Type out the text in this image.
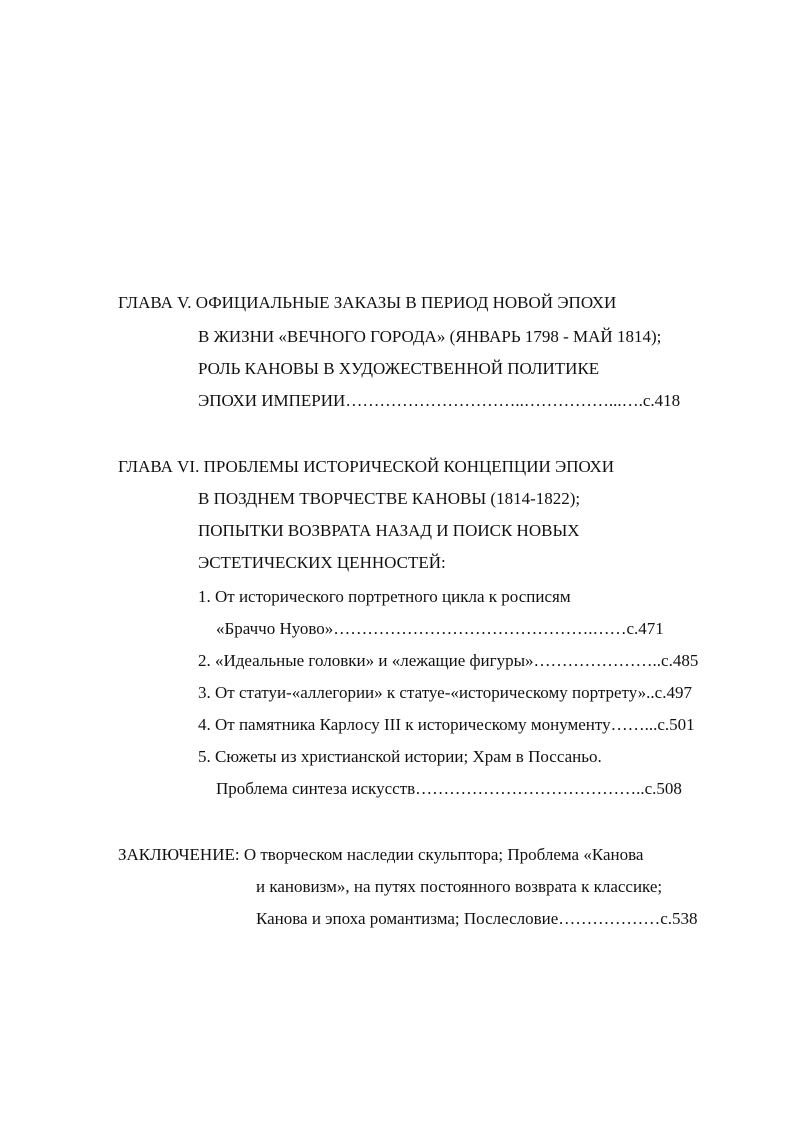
ГЛАВА V. ОФИЦИАЛЬНЫЕ ЗАКАЗЫ В ПЕРИОД НОВОЙ ЭПОХИ
В ЖИЗНИ «ВЕЧНОГО ГОРОДА» (ЯНВАРЬ 1798 - МАЙ 1814);
РОЛЬ КАНОВЫ В ХУДОЖЕСТВЕННОЙ ПОЛИТИКЕ
ЭПОХИ ИМПЕРИИ…………………………..……………...….с.418
ГЛАВА VI. ПРОБЛЕМЫ ИСТОРИЧЕСКОЙ КОНЦЕПЦИИ ЭПОХИ
В ПОЗДНЕМ ТВОРЧЕСТВЕ КАНОВЫ (1814-1822);
ПОПЫТКИ ВОЗВРАТА НАЗАД И ПОИСК НОВЫХ
ЭСТЕТИЧЕСКИХ ЦЕННОСТЕЙ:
1. От исторического портретного цикла к росписям
«Браччо Нуово»……………………………………….……с.471
2. «Идеальные головки» и «лежащие фигуры»…………………..с.485
3. От статуи-«аллегории» к статуе-«историческому портрету»..с.497
4. От памятника Карлосу III к историческому монументу……...с.501
5. Сюжеты из христианской истории; Храм в Поссаньо.
Проблема синтеза искусств…………………………………..с.508
ЗАКЛЮЧЕНИЕ: О творческом наследии скульптора; Проблема «Канова
и кановизм», на путях постоянного возврата к классике;
Канова и эпоха романтизма; Послесловие………………с.538
